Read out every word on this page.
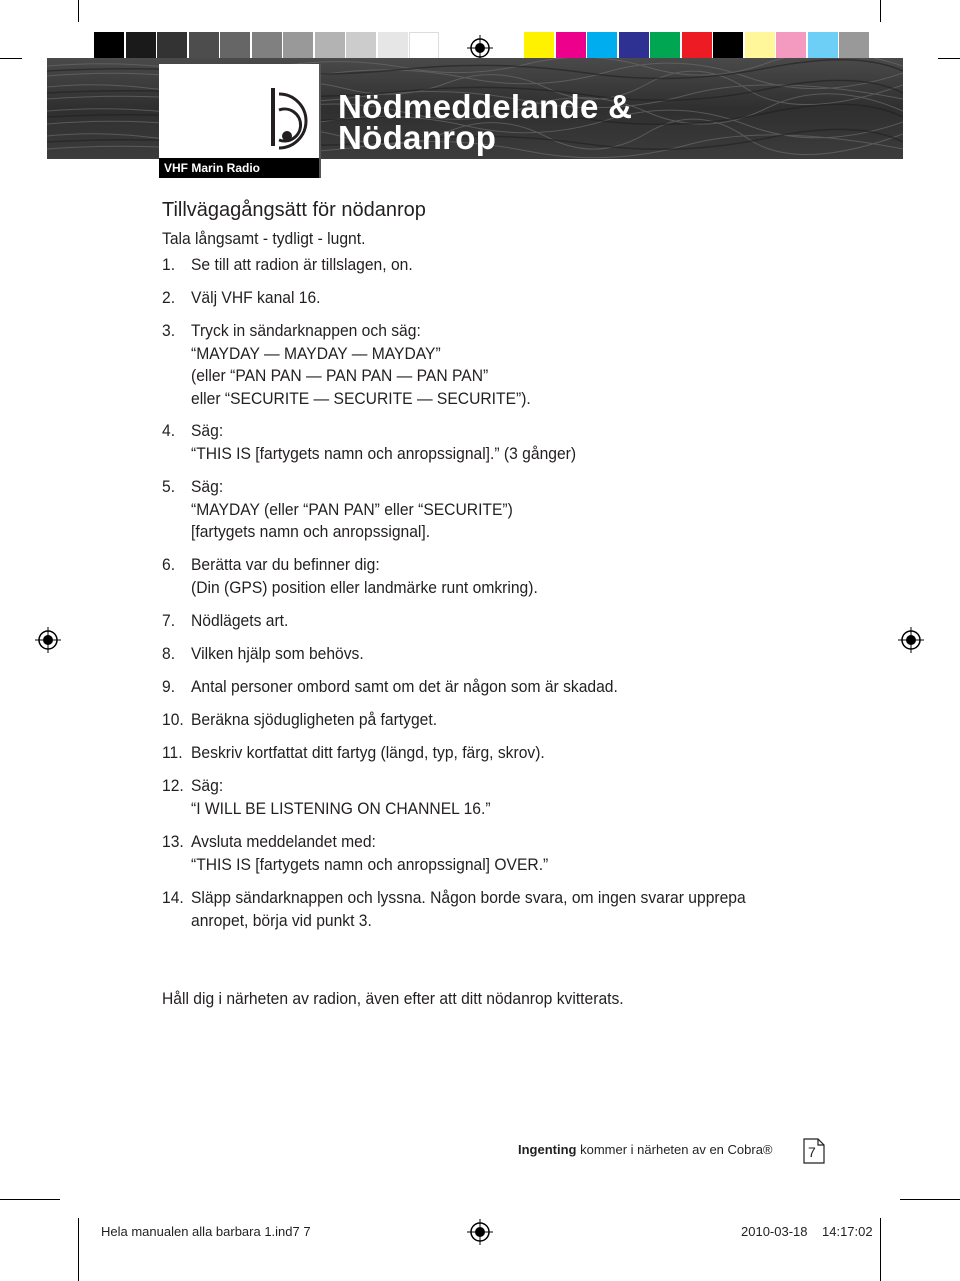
Nödmeddelande &
Nödanrop
VHF Marin Radio
Tillvägagångsätt för nödanrop
Tala långsamt - tydligt - lugnt.
1. Se till att radion är tillslagen, on.
2. Välj VHF kanal 16.
3. Tryck in sändarknappen och säg:
“MAYDAY — MAYDAY — MAYDAY”
(eller “PAN PAN — PAN PAN — PAN PAN”
eller “SECURITE — SECURITE — SECURITE”).
4. Säg:
“THIS IS [fartygets namn och anropssignal].” (3 gånger)
5. Säg:
“MAYDAY (eller “PAN PAN” eller “SECURITE”)
[fartygets namn och anropssignal].
6. Berätta var du befinner dig:
(Din (GPS) position eller landmärke runt omkring).
7. Nödlägets art.
8. Vilken hjälp som behövs.
9. Antal personer ombord samt om det är någon som är skadad.
10. Beräkna sjödugligheten på fartyget.
11. Beskriv kortfattat ditt fartyg (längd, typ, färg, skrov).
12. Säg:
“I WILL BE LISTENING ON CHANNEL 16.”
13. Avsluta meddelandet med:
“THIS IS [fartygets namn och anropssignal] OVER.”
14. Släpp sändarknappen och lyssna. Någon borde svara, om ingen svarar upprepa
anropet, börja vid punkt 3.
Håll dig i närheten av radion, även efter att ditt nödanrop kvitterats.
Ingenting kommer i närheten av en Cobra®	7
Hela manualen alla barbara 1.ind7 7	2010-03-18 14:17:02
